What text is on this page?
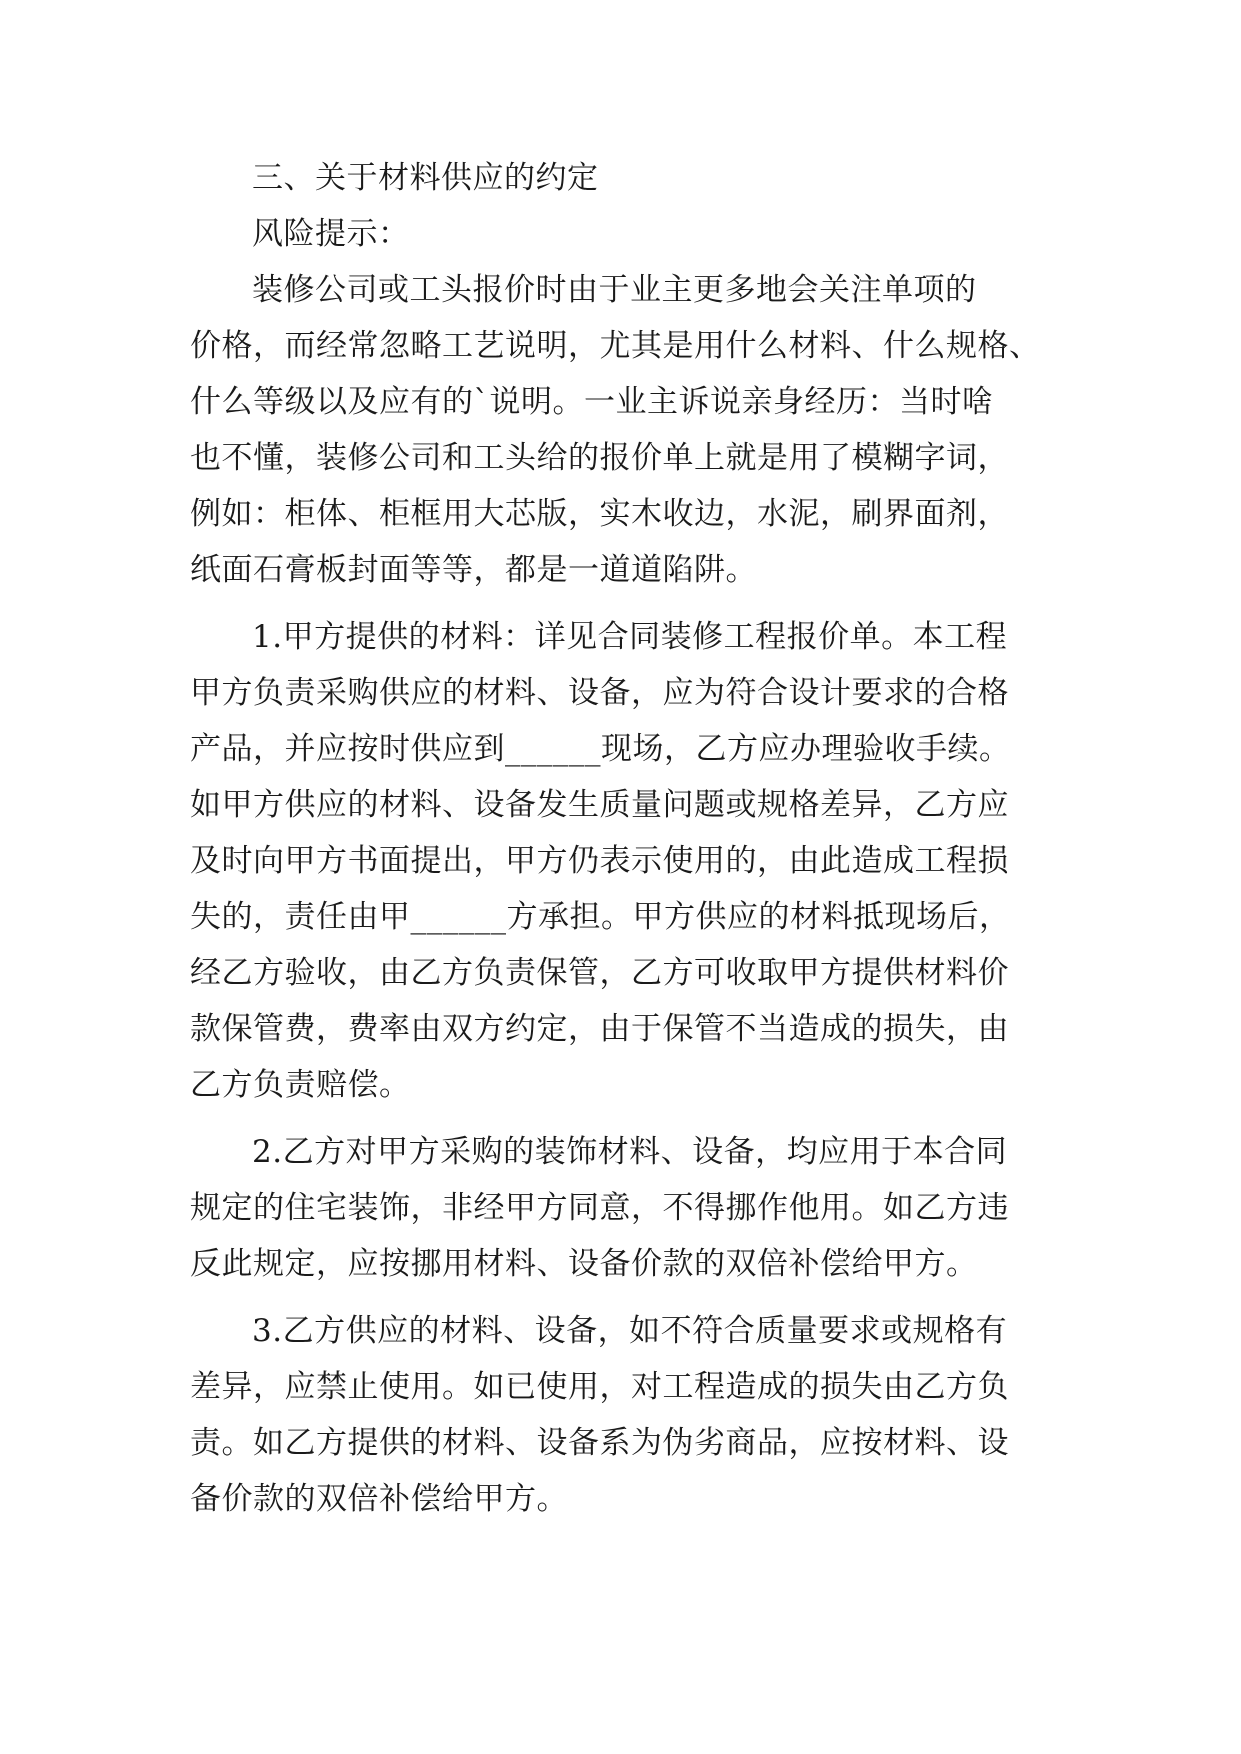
三、关于材料供应的约定
风险提示：
装修公司或工头报价时由于业主更多地会关注单项的
价格，而经常忽略工艺说明，尤其是用什么材料、什么规格、
什么等级以及应有的`说明。一业主诉说亲身经历：当时啥
也不懂，装修公司和工头给的报价单上就是用了模糊字词，
例如：柜体、柜框用大芯版，实木收边，水泥，刷界面剂，
纸面石膏板封面等等，都是一道道陷阱。
1.甲方提供的材料：详见合同装修工程报价单。本工程
甲方负责采购供应的材料、设备，应为符合设计要求的合格
产品，并应按时供应到______现场，乙方应办理验收手续。
如甲方供应的材料、设备发生质量问题或规格差异，乙方应
及时向甲方书面提出，甲方仍表示使用的，由此造成工程损
失的，责任由甲______方承担。甲方供应的材料抵现场后，
经乙方验收，由乙方负责保管，乙方可收取甲方提供材料价
款保管费，费率由双方约定，由于保管不当造成的损失，由
乙方负责赔偿。
2.乙方对甲方采购的装饰材料、设备，均应用于本合同
规定的住宅装饰，非经甲方同意，不得挪作他用。如乙方违
反此规定，应按挪用材料、设备价款的双倍补偿给甲方。
3.乙方供应的材料、设备，如不符合质量要求或规格有
差异，应禁止使用。如已使用，对工程造成的损失由乙方负
责。如乙方提供的材料、设备系为伪劣商品，应按材料、设
备价款的双倍补偿给甲方。
